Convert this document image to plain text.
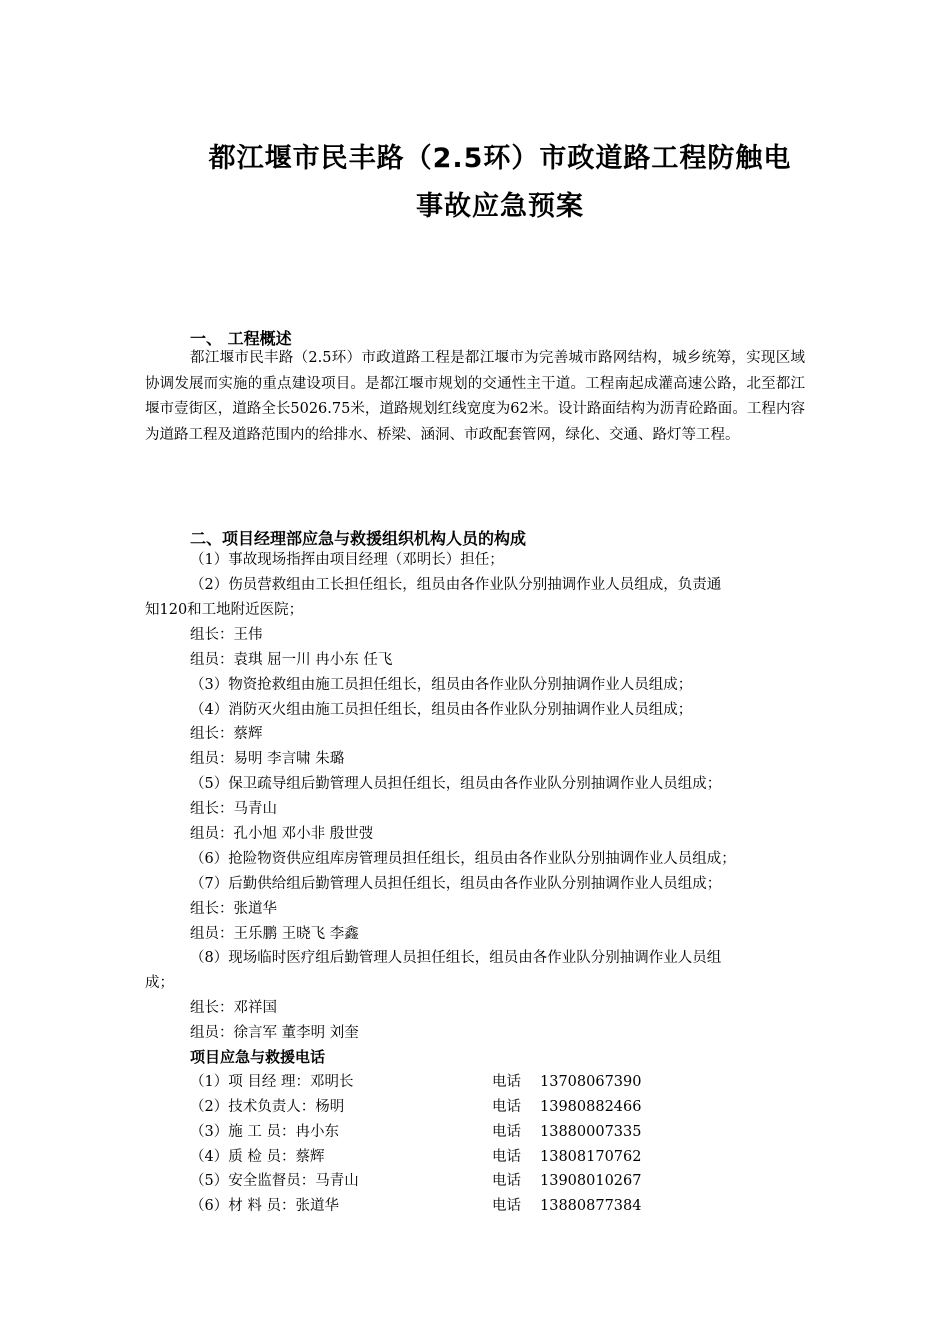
都江堰市民丰路（2.5环）市政道路工程防触电
事故应急预案
一、 工程概述
都江堰市民丰路（2.5环）市政道路工程是都江堰市为完善城市路网结构，城乡统筹，实现区域协调发展而实施的重点建设项目。是都江堰市规划的交通性主干道。工程南起成灌高速公路，北至都江堰市壹街区，道路全长5026.75米，道路规划红线宽度为62米。设计路面结构为沥青砼路面。工程内容为道路工程及道路范围内的给排水、桥梁、涵洞、市政配套管网，绿化、交通、路灯等工程。
二、项目经理部应急与救援组织机构人员的构成
（1）事故现场指挥由项目经理（邓明长）担任；
（2）伤员营救组由工长担任组长，组员由各作业队分别抽调作业人员组成，负责通
知120和工地附近医院；
组长：王伟
组员：袁琪 屈一川 冉小东 任飞
（3）物资抢救组由施工员担任组长，组员由各作业队分别抽调作业人员组成；
（4）消防灭火组由施工员担任组长，组员由各作业队分别抽调作业人员组成；
组长：蔡辉
组员：易明 李言啸 朱璐
（5）保卫疏导组后勤管理人员担任组长，组员由各作业队分别抽调作业人员组成；
组长：马青山
组员：孔小旭 邓小非 殷世弢
（6）抢险物资供应组库房管理员担任组长，组员由各作业队分别抽调作业人员组成；
（7）后勤供给组后勤管理人员担任组长，组员由各作业队分别抽调作业人员组成；
组长：张道华
组员：王乐鹏 王晓飞 李鑫
（8）现场临时医疗组后勤管理人员担任组长，组员由各作业队分别抽调作业人员组
成；
组长：邓祥国
组员：徐言军 董李明 刘奎
项目应急与救援电话
（1）项 目经 理：邓明长	电话 13708067390
（2）技术负责人：杨明	电话 13980882466
（3）施 工 员：冉小东	电话 13880007335
（4）质 检 员：蔡辉	电话 13808170762
（5）安全监督员：马青山	电话 13908010267
（6）材 料 员：张道华	电话 13880877384
